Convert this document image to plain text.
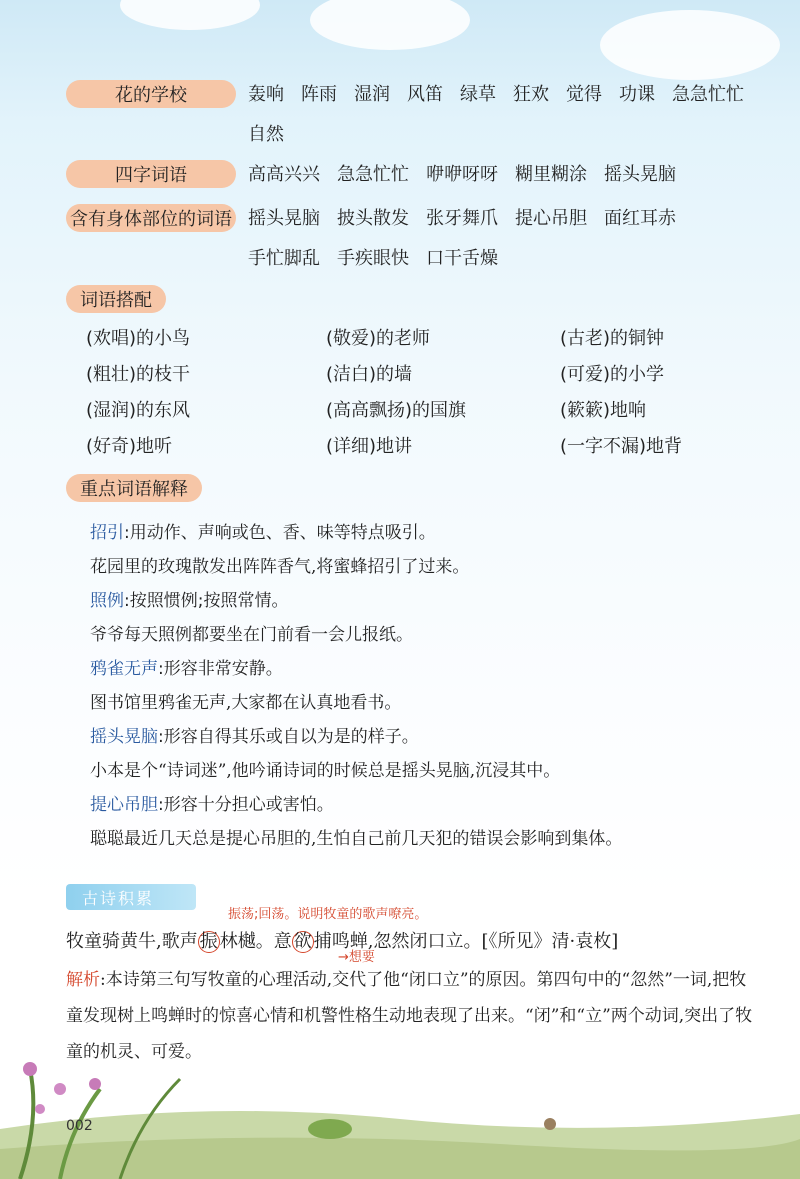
花的学校	轰响 阵雨 湿润 风笛 绿草 狂欢 觉得 功课 急急忙忙自然
四字词语	高高兴兴 急急忙忙 咿咿呀呀 糊里糊涂 摇头晃脑
含有身体部位的词语 摇头晃脑 披头散发 张牙舞爪 提心吊胆 面红耳赤手忙脚乱 手疾眼快 口干舌燥
词语搭配
(欢唱)的小鸟	(敬爱)的老师	(古老)的铜钟
(粗壮)的枝干	(洁白)的墙	(可爱)的小学
(湿润)的东风	(高高飘扬)的国旗	(簌簌)地响
(好奇)地听	(详细)地讲	(一字不漏)地背
重点词语解释
招引:用动作、声响或色、香、味等特点吸引。
花园里的玫瑰散发出阵阵香气,将蜜蜂招引了过来。
照例:按照惯例;按照常情。
爷爷每天照例都要坐在门前看一会儿报纸。
鸦雀无声:形容非常安静。
图书馆里鸦雀无声,大家都在认真地看书。
摇头晃脑:形容自得其乐或自以为是的样子。
小本是个“诗词迷”,他吟诵诗词的时候总是摇头晃脑,沉浸其中。
提心吊胆:形容十分担心或害怕。
聪聪最近几天总是提心吊胆的,生怕自己前几天犯的错误会影响到集体。
古诗积累
振荡;回荡。说明牧童的歌声嘹亮。
→想要
牧童骑黄牛,歌声 振 林樾。意 欲 捕鸣蝉,忽然闭口立。[《所见》清·袁枚]
解析:本诗第三句写牧童的心理活动,交代了他“闭口立”的原因。第四句中的“忽然”一词,把牧童发现树上鸣蝉时的惊喜心情和机警性格生动地表现了出来。“闭”和“立”两个动词,突出了牧童的机灵、可爱。
002
